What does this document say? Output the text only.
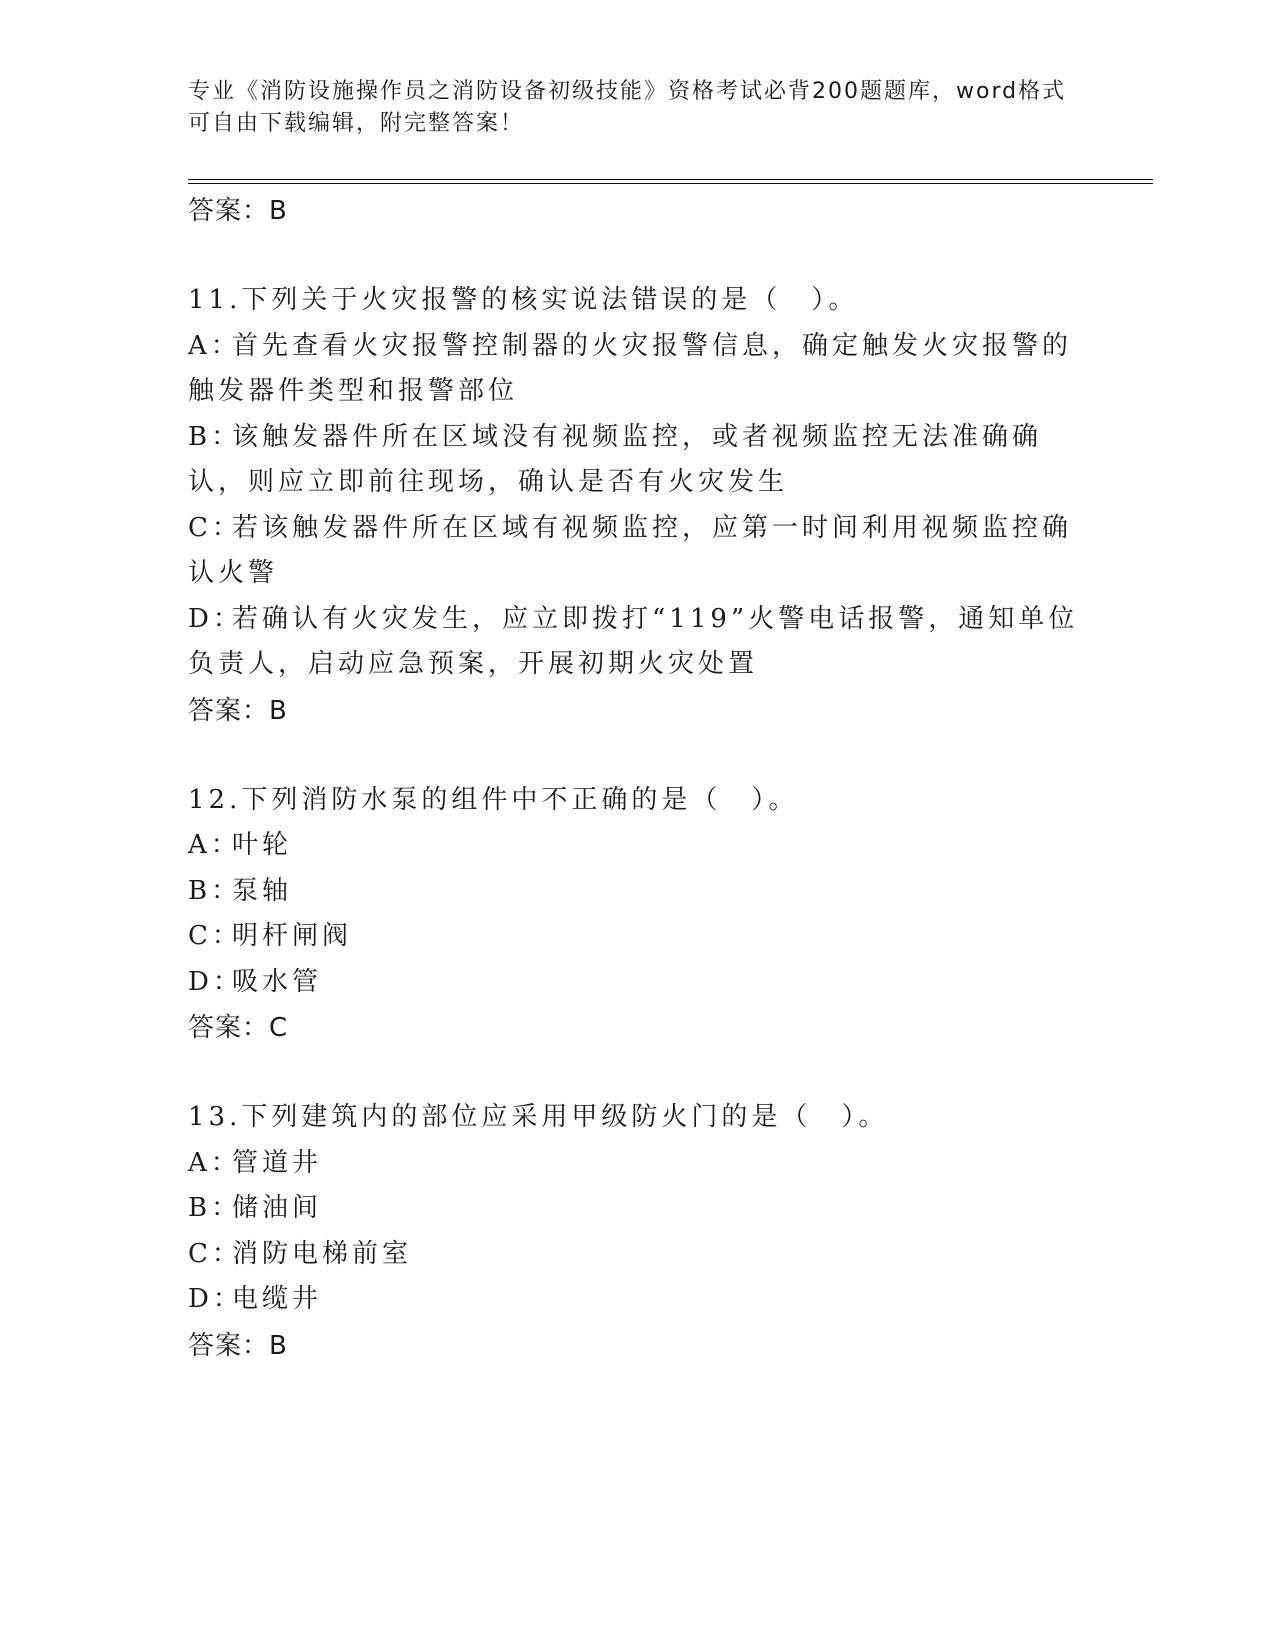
专业《消防设施操作员之消防设备初级技能》资格考试必背200题题库，word格式可自由下载编辑，附完整答案！
答案：B
11.下列关于火灾报警的核实说法错误的是（　）。
A：首先查看火灾报警控制器的火灾报警信息，确定触发火灾报警的触发器件类型和报警部位
B：该触发器件所在区域没有视频监控，或者视频监控无法准确确认，则应立即前往现场，确认是否有火灾发生
C：若该触发器件所在区域有视频监控，应第一时间利用视频监控确认火警
D：若确认有火灾发生，应立即拨打“119”火警电话报警，通知单位负责人，启动应急预案，开展初期火灾处置
答案：B
12.下列消防水泵的组件中不正确的是（　）。
A：叶轮
B：泵轴
C：明杆闸阀
D：吸水管
答案：C
13.下列建筑内的部位应采用甲级防火门的是（　）。
A：管道井
B：储油间
C：消防电梯前室
D：电缆井
答案：B
